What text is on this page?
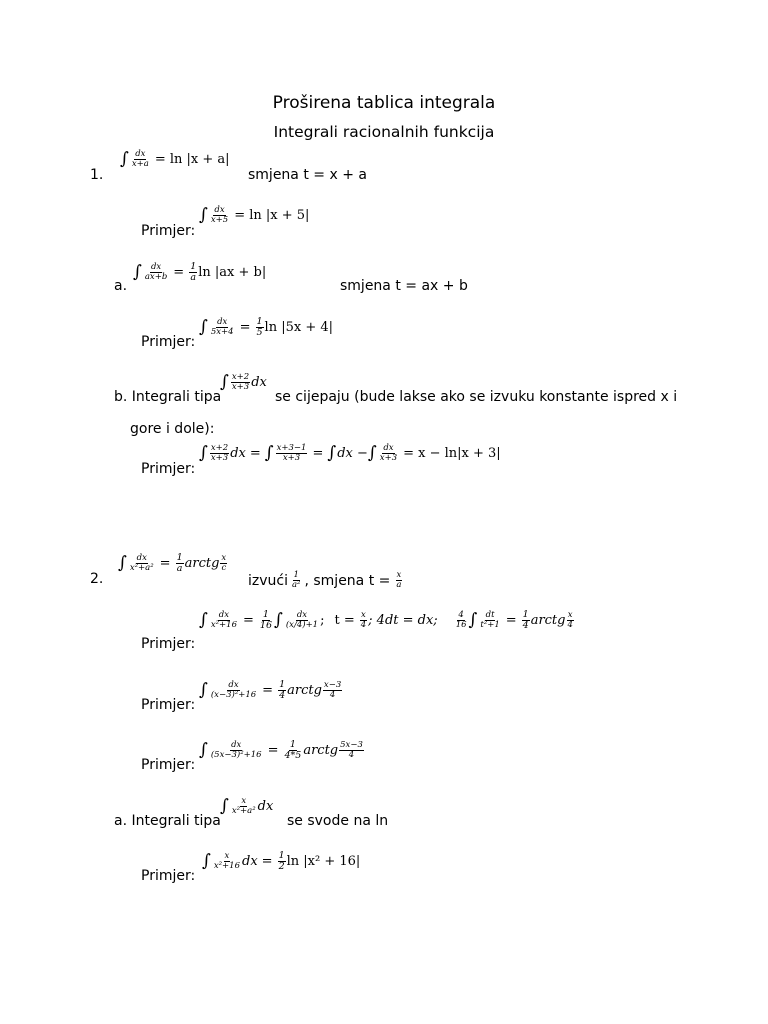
Proširena tablica integrala
Integrali racionalnih funkcija
1.
∫ $\frac{dx}{x+a} = \ln |x + a|$
smjena t = x + a
Primjer:
∫ $\frac{dx}{x+5} = \ln |x + 5|$
a.
∫ $\frac{dx}{ax+b} = \frac{1}{a}$ ln |ax + b|
smjena t = ax + b
Primjer:
∫ $\frac{dx}{5x+4} = \frac{1}{5}$ ln |5x + 4|
b. Integrali tipa
∫ $\frac{x+2}{x+3}$ dx
se cijepaju (bude lakse ako se izvuku konstante ispred x i
gore i dole):
Primjer:
∫ $\frac{x+2}{x+3}$ dx = ∫ $\frac{x+3-1}{x+3}$ = ∫ dx − ∫ $\frac{dx}{x+3} = x - \ln|x + 3|$
2.
∫ $\frac{dx}{\text{x²+a²}} = \frac{1}{a}$ arctg $\frac{x}{c}$
izvući $\frac{1}{\text{a²}}$ , smjena $t = \frac{x}{a}$
Primjer:
∫ $\frac{dx}{\text{x²+16}} = \frac{1}{16}$ ∫ $\frac{dx}{(x/4)+1}$ ; $t = \frac{x}{4}$ ; 4dt = dx; $\frac{4}{16}$ ∫ $\frac{dt}{\text{t²+1}} = \frac{1}{4}$ arctg $\frac{x}{4}$
Primjer:
∫ $\frac{dx}{\text{(x−3)²+16}} = \frac{1}{4}$ arctg $\frac{x-3}{4}$
Primjer:
∫ $\frac{dx}{\text{(5x−3)²+16}} = \frac{1}{4*5}$ arctg $\frac{5x-3}{4}$
a. Integrali tipa
∫ $\frac{x}{\text{x²+a²}}$ dx
se svode na ln
Primjer:
∫ $\frac{x}{\text{x²+16}}$ dx = $\frac{1}{2}$ ln |x² + 16|
